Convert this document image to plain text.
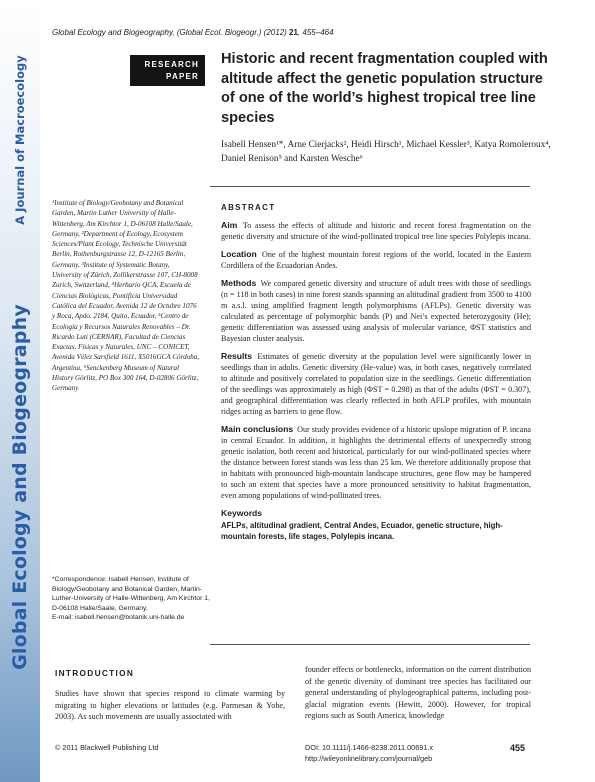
A Journal of Macroecology
Global Ecology and Biogeography
Global Ecology and Biogeography, (Global Ecol. Biogeogr.) (2012) 21, 455–464
RESEARCH
PAPER
Historic and recent fragmentation coupled with altitude affect the genetic population structure of one of the world’s highest tropical tree line species
Isabell Hensen¹*, Arne Cierjacks², Heidi Hirsch¹, Michael Kessler³, Katya Romoleroux⁴, Daniel Renison⁵ and Karsten Wesche⁶
¹Institute of Biology/Geobotany and Botanical Garden, Martin Luther University of Halle-Wittenberg, Am Kirchtor 1, D-06108 Halle/Saale, Germany, ²Department of Ecology, Ecosystem Sciences/Plant Ecology, Technische Universität Berlin, Rothenburgstrasse 12, D-12165 Berlin, Germany, ³Institute of Systematic Botany, University of Zürich, Zollikerstrasse 107, CH-8008 Zurich, Switzerland, ⁴Herbario QCA, Escuela de Ciencias Biológicas, Pontificia Universidad Católica del Ecuador, Avenida 12 de Octubre 1076 y Roca, Apdo. 2184, Quito, Ecuador, ⁵Centro de Ecología y Recursos Naturales Renovables – Dr. Ricardo Luti (CERNAR), Facultad de Ciencias Exactas, Físicas y Naturales, UNC – CONICET, Avenida Vélez Sarsfield 1611, X5016GCA Córdoba, Argentina, ⁶Senckenberg Museum of Natural History Görlitz, PO Box 300 164, D-02806 Görlitz, Germany

*Correspondence: Isabell Hensen, Institute of Biology/Geobotany and Botanical Garden, Martin-Luther-University of Halle-Wittenberg, Am Kirchtor 1, D-06108 Halle/Saale, Germany.

E-mail: isabell.hensen@botanik.uni-halle.de

ABSTRACT

Aim To assess the effects of altitude and historic and recent forest fragmentation on the genetic diversity and structure of the wind-pollinated tropical tree line species Polylepis incana.

Location One of the highest mountain forest regions of the world, located in the Eastern Cordillera of the Ecuadorian Andes.

Methods We compared genetic diversity and structure of adult trees with those of seedlings (n = 118 in both cases) in nine forest stands spanning an altitudinal gradient from 3500 to 4100 m a.s.l. using amplified fragment length polymorphisms (AFLPs). Genetic diversity was calculated as percentage of polymorphic bands (P) and Nei’s expected heterozygosity (He); genetic differentiation was assessed using analysis of molecular variance, ΦST statistics and Bayesian cluster analysis.

Results Estimates of genetic diversity at the population level were significantly lower in seedlings than in adults. Genetic diversity (He-value) was, in both cases, negatively correlated to altitude and positively correlated to population size in the seedlings. Genetic differentiation of the seedlings was approximately as high (ΦST = 0.298) as that of the adults (ΦST = 0.307), and geographical differentiation was clearly reflected in both AFLP profiles, with mountain ridges acting as barriers to gene flow.

Main conclusions Our study provides evidence of a historic upslope migration of P. incana in central Ecuador. In addition, it highlights the detrimental effects of unexpectedly strong genetic isolation, both recent and historical, particularly for our wind-pollinated species where the distance between forest stands was less than 25 km. We therefore additionally propose that in habitats with pronounced high-mountain landscape structures, gene flow may be hampered to such an extent that species have a more pronounced sensitivity to habitat fragmentation, even among populations of wind-pollinated trees.

Keywords

AFLPs, altitudinal gradient, Central Andes, Ecuador, genetic structure, high-mountain forests, life stages, Polylepis incana.

INTRODUCTION

Studies have shown that species respond to climate warming by migrating to higher elevations or latitudes (e.g. Parmesan & Yohe, 2003). As such movements are usually associated with

founder effects or bottlenecks, information on the current distribution of the genetic diversity of dominant tree species has facilitated our general understanding of phylogeographical patterns, including post-glacial migration events (Hewitt, 2000). However, for tropical regions such as South America, knowledge

© 2011 Blackwell Publishing Ltd	DOI: 10.1111/j.1466-8238.2011.00691.x
http://wileyonlinelibrary.com/journal/geb
455
